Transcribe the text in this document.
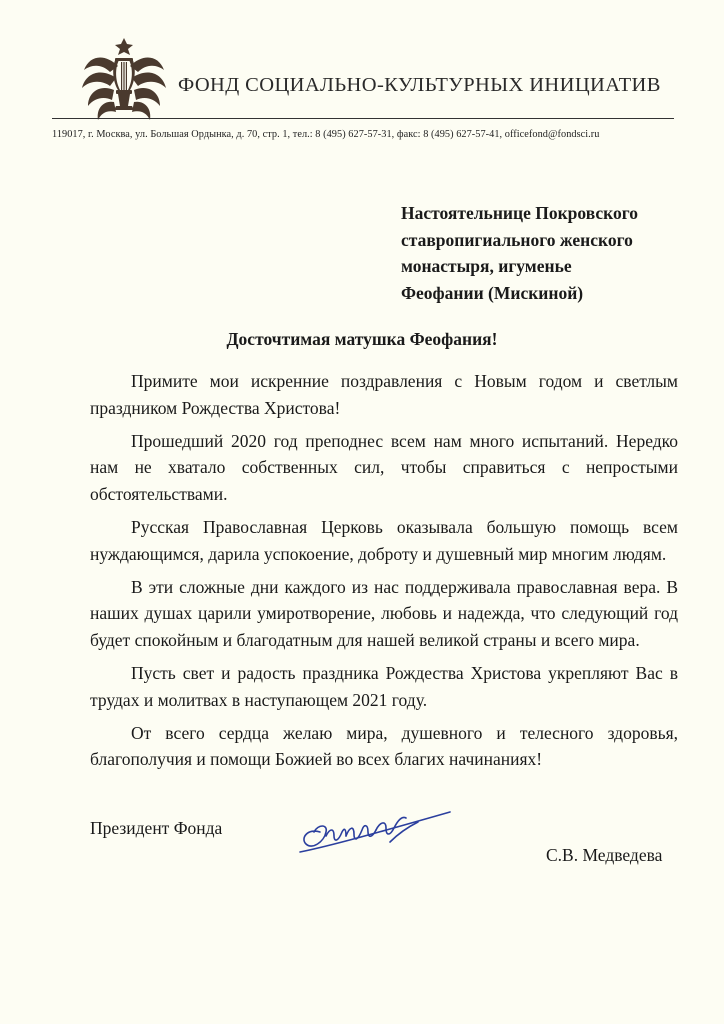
ФОНД СОЦИАЛЬНО-КУЛЬТУРНЫХ ИНИЦИАТИВ
119017, г. Москва, ул. Большая Ордынка, д. 70, стр. 1, тел.: 8 (495) 627-57-31, факс: 8 (495) 627-57-41, officefond@fondsci.ru
Настоятельнице Покровского
ставропигиального женского
монастыря, игуменье
Феофании (Мискиной)
Досточтимая матушка Феофания!

Примите мои искренние поздравления с Новым годом и светлым праздником Рождества Христова!

Прошедший 2020 год преподнес всем нам много испытаний. Нередко нам не хватало собственных сил, чтобы справиться с непростыми обстоятельствами.

Русская Православная Церковь оказывала большую помощь всем нуждающимся, дарила успокоение, доброту и душевный мир многим людям.

В эти сложные дни каждого из нас поддерживала православная вера. В наших душах царили умиротворение, любовь и надежда, что следующий год будет спокойным и благодатным для нашей великой страны и всего мира.

Пусть свет и радость праздника Рождества Христова укрепляют Вас в трудах и молитвах в наступающем 2021 году.

От всего сердца желаю мира, душевного и телесного здоровья, благополучия и помощи Божией во всех благих начинаниях!

Президент Фонда
С.В. Медведева
